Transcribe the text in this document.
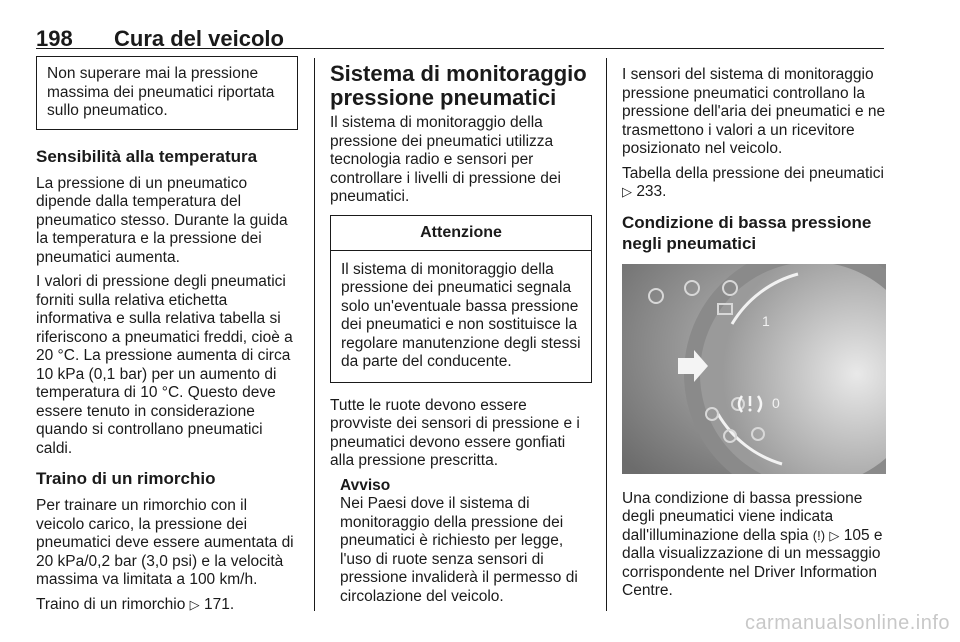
198 Cura del veicolo

Non superare mai la pressione massima dei pneumatici riportata sullo pneumatico.

Sensibilità alla temperatura

La pressione di un pneumatico dipende dalla temperatura del pneumatico stesso. Durante la guida la temperatura e la pressione dei pneumatici aumenta.

I valori di pressione degli pneumatici forniti sulla relativa etichetta informativa e sulla relativa tabella si riferiscono a pneumatici freddi, cioè a 20 °C. La pressione aumenta di circa 10 kPa (0,1 bar) per un aumento di temperatura di 10 °C. Questo deve essere tenuto in considerazione quando si controllano pneumatici caldi.

Traino di un rimorchio

Per trainare un rimorchio con il veicolo carico, la pressione dei pneumatici deve essere aumentata di 20 kPa/0,2 bar (3,0 psi) e la velocità massima va limitata a 100 km/h.

Traino di un rimorchio ▷ 171.

Sistema di monitoraggio pressione pneumatici

Il sistema di monitoraggio della pressione dei pneumatici utilizza tecnologia radio e sensori per controllare i livelli di pressione dei pneumatici.

Attenzione

Il sistema di monitoraggio della pressione dei pneumatici segnala solo un'eventuale bassa pressione dei pneumatici e non sostituisce la regolare manutenzione degli stessi da parte del conducente.

Tutte le ruote devono essere provviste dei sensori di pressione e i pneumatici devono essere gonfiati alla pressione prescritta.

Avviso

Nei Paesi dove il sistema di monitoraggio della pressione dei pneumatici è richiesto per legge, l'uso di ruote senza sensori di pressione invaliderà il permesso di circolazione del veicolo.

I sensori del sistema di monitoraggio pressione pneumatici controllano la pressione dell'aria dei pneumatici e ne trasmettono i valori a un ricevitore posizionato nel veicolo.

Tabella della pressione dei pneumatici ▷ 233.

Condizione di bassa pressione negli pneumatici
1
0

Una condizione di bassa pressione degli pneumatici viene indicata dall'illuminazione della spia (!) ▷ 105 e dalla visualizzazione di un messaggio corrispondente nel Driver Information Centre.

carmanualsonline.info
